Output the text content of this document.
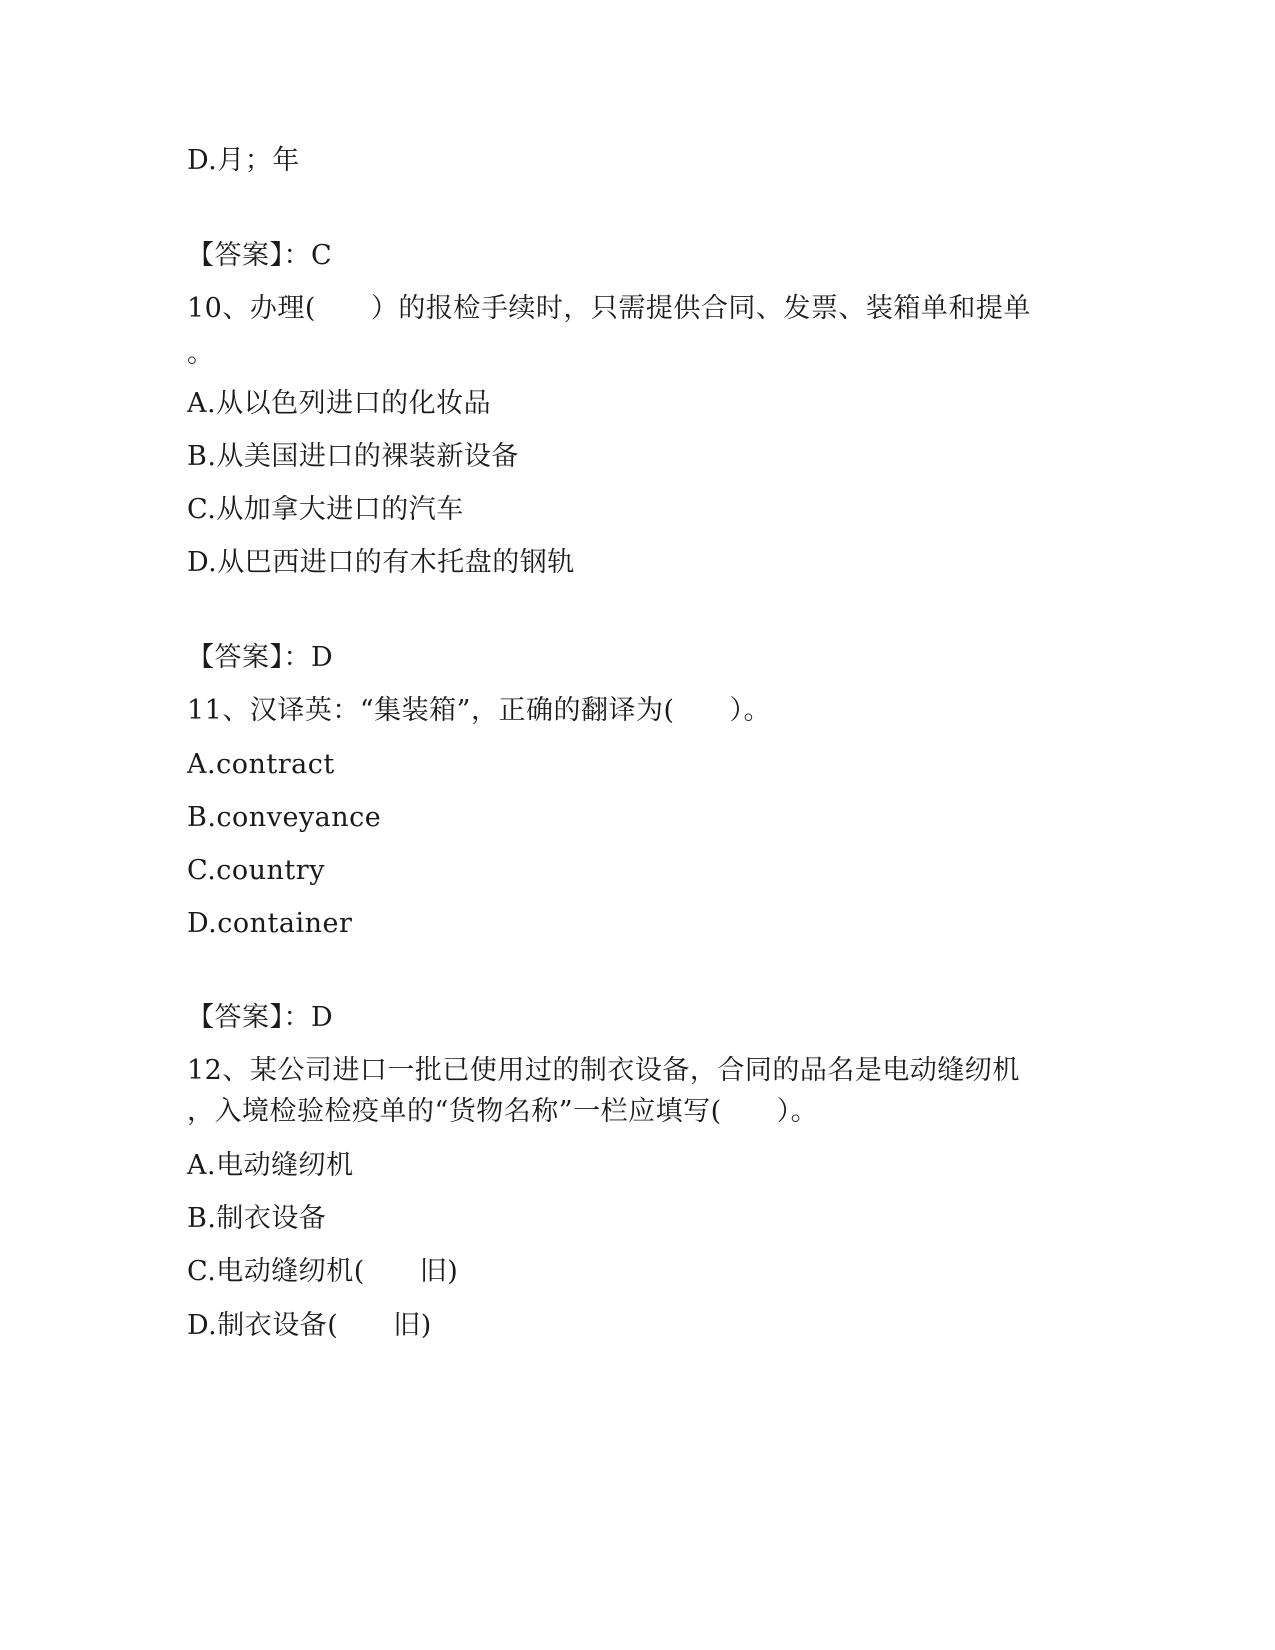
D.月；年
【答案】：C
10、办理(　　）的报检手续时，只需提供合同、发票、装箱单和提单
。
A.从以色列进口的化妆品
B.从美国进口的裸装新设备
C.从加拿大进口的汽车
D.从巴西进口的有木托盘的钢轨
【答案】：D
11、汉译英：“集装箱”，正确的翻译为(　　）。
A.contract
B.conveyance
C.country
D.container
【答案】：D
12、某公司进口一批已使用过的制衣设备，合同的品名是电动缝纫机
，入境检验检疫单的“货物名称”一栏应填写(　　）。
A.电动缝纫机
B.制衣设备
C.电动缝纫机(　　旧)
D.制衣设备(　　旧)
